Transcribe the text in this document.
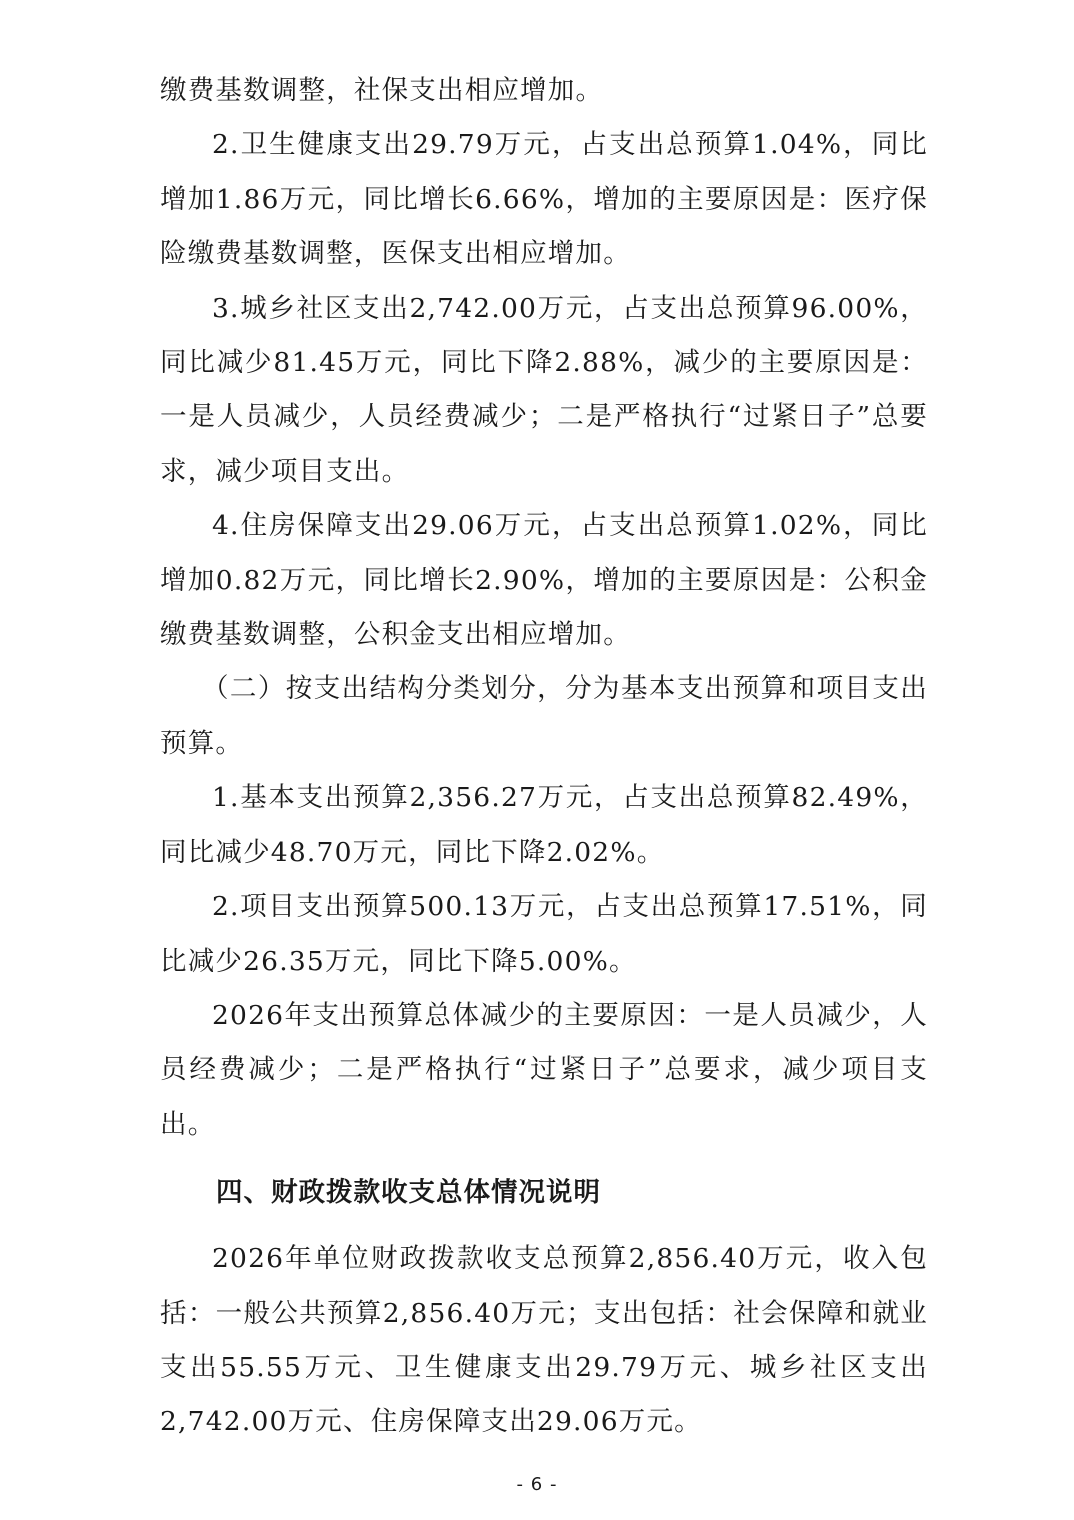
缴费基数调整，社保支出相应增加。

2.卫生健康支出29.79万元，占支出总预算1.04%，同比增加1.86万元，同比增长6.66%，增加的主要原因是：医疗保险缴费基数调整，医保支出相应增加。

3.城乡社区支出2,742.00万元，占支出总预算96.00%，同比减少81.45万元，同比下降2.88%，减少的主要原因是：一是人员减少，人员经费减少；二是严格执行“过紧日子”总要求，减少项目支出。

4.住房保障支出29.06万元，占支出总预算1.02%，同比增加0.82万元，同比增长2.90%，增加的主要原因是：公积金缴费基数调整，公积金支出相应增加。

（二）按支出结构分类划分，分为基本支出预算和项目支出预算。

1.基本支出预算2,356.27万元，占支出总预算82.49%，同比减少48.70万元，同比下降2.02%。

2.项目支出预算500.13万元，占支出总预算17.51%，同比减少26.35万元，同比下降5.00%。

2026年支出预算总体减少的主要原因：一是人员减少，人员经费减少；二是严格执行“过紧日子”总要求，减少项目支出。

四、财政拨款收支总体情况说明

2026年单位财政拨款收支总预算2,856.40万元，收入包括：一般公共预算2,856.40万元；支出包括：社会保障和就业支出55.55万元、卫生健康支出29.79万元、城乡社区支出2,742.00万元、住房保障支出29.06万元。

- 6 -
